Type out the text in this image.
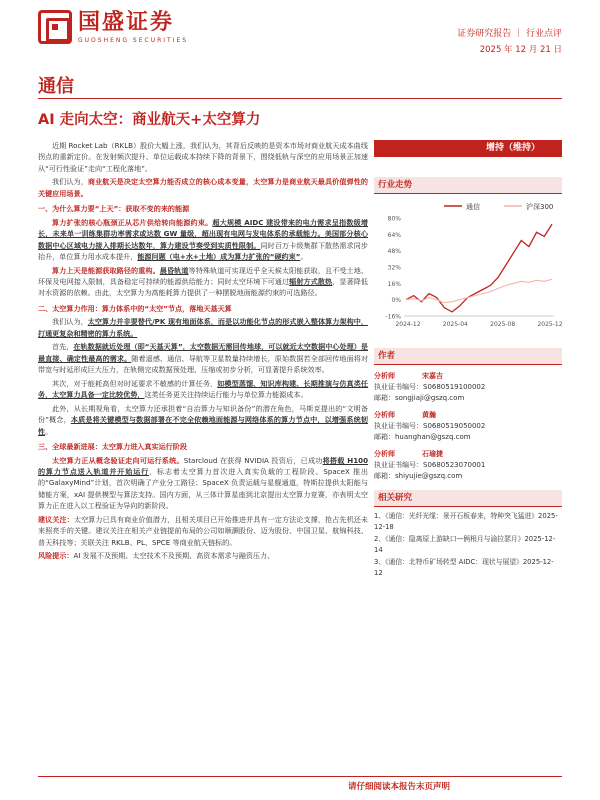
国盛证券
GUOSHENG SECURITIES
证券研究报告 ｜ 行业点评
2025 年 12 月 21 日
通信
AI 走向太空：商业航天+太空算力

近期 Rocket Lab（RKLB）股价大幅上涨，我们认为，其背后反映的是资本市场对商业航天成本曲线拐点的重新定价。在发射频次提升、单位运载成本持续下降的背景下，围绕低轨与深空的应用场景正加速从“可行性验证”走向“工程化落地”。

我们认为，商业航天是决定太空算力能否成立的核心成本变量，太空算力是商业航天最具价值弹性的关键应用场景。

一、为什么算力要“上天”：获取不变的来的能源

算力扩张的核心瓶颈正从芯片供给转向能源约束。超大规模 AIDC 建设带来的电力需求呈指数级增长，未来单一训练集群功率需求或达数 GW 量级，超出现有电网与发电体系的承载能力。美国部分核心数据中心区域电力接入排期长达数年，算力建设节奏受到实质性限制。同时百万卡级集群下散热需求同步抬升，单位算力用水成本提升，能源问题（电+水+土地）成为算力扩张的“硬约束”。

算力上天是能源获取路径的重构。晨昏轨道等特殊轨道可实现近乎全天候太阳能获取，且不受土地、环保及电网接入限制，具备稳定可持续的能源供给能力；同时太空环境下可通过辐射方式散热，显著降低对水资源的依赖。由此，太空算力为高能耗算力提供了一种摆脱地面能源约束的可选路径。

二、太空算力作用：算力体系中的“太空”节点，落地天基天算

我们认为，太空算力并非要替代/PK 现有地面体系，而是以功能化节点的形式嵌入整体算力架构中，打通更复杂和精密的算力系统。

首先，在轨数据就近处理（即“天基天算”，太空数据无需回传地球，可以就近太空数据中心处理）是最直接、确定性最高的需求。随着遥感、通信、导航等卫星数量持续增长，原始数据若全部回传地面将对带宽与时延形成巨大压力，在轨侧完成数据预处理、压缩或初步分析，可显著提升系统效率。

其次，对于能耗高但对时延要求不敏感的计算任务，如模型蒸馏、知识库构建、长期推演与仿真类任务，太空算力具备一定比较优势，这类任务更关注持续运行能力与单位算力能源成本。

此外，从长期视角看，太空算力还承担着“自治算力与知识备份”的潜在角色，马斯克提出的“文明备份”概念，本质是将关键模型与数据部署在不完全依赖地面能源与网络体系的算力节点中，以增强系统韧性。

三、全球最新进展：太空算力进入真实运行阶段

太空算力正从概念验证走向可运行系统。Starcloud 在获得 NVIDIA 投资后，已成功将搭载 H100 的算力节点送入轨道并开始运行，标志着太空算力首次进入真实负载的工程阶段。SpaceX 推出的“GalaxyMind”计划，首次明确了产业分工路径；SpaceX 负责运载与星舰通道，特斯拉提供太阳能与储能方案，xAI 提供模型与算法支持。国内方面，从三体计算星座到北京提出太空算力竞赛，亦表明太空算力正在进入以工程验证为导向的新阶段。

建议关注：太空算力已具有商业价值潜力，且相关项目已开始推进并具有一定方法论支撑，抢占先机还未来照亮手的关键。建议关注在相关产业链提前布局的公司如顺灏股份、迈为股份、中国卫星、航锦科技、普天科技等；关联关注 RKLB、PL、SPCE 等商业航天链标的。

风险提示：AI 发展不及预期、太空技术不及预期、高资本需求与融资压力、

增持（维持）
行业走势
通信	沪深300
80%
64%
48%
32%
16%
0%
-16%
2024-12	2025-04	2025-08	2025-12
作者
分析师	宋嘉吉
执业证书编号：S0680519100002
邮箱：songjiaji@gszq.com
分析师	黄瀚
执业证书编号：S0680519050002
邮箱：huanghan@gszq.com
分析师	石瑜捷
执业证书编号：S0680523070001
邮箱：shiyujie@gszq.com
相关研究
1、《通信：光纤光缆：景开石板春来，特种突飞猛进》2025-12-18
2、《通信：隐离原上游缺口—俩根月与渝拉瑟月》2025-12-14
3、《通信：北特币矿场转型 AIDC：现状与展望》2025-12-12
请仔细阅读本报告末页声明
